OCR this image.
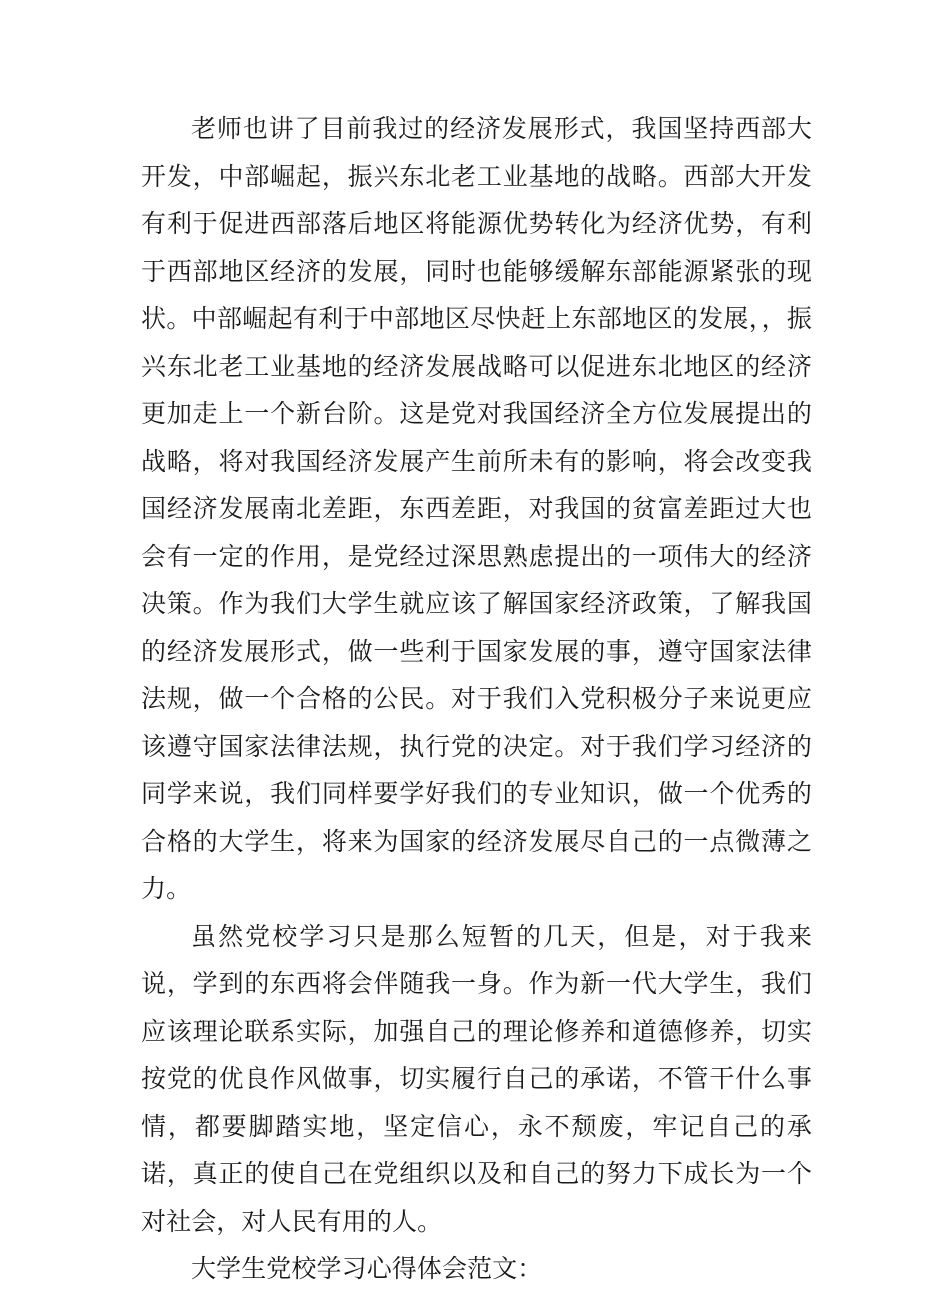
老师也讲了目前我过的经济发展形式，我国坚持西部大开发，中部崛起，振兴东北老工业基地的战略。西部大开发有利于促进西部落后地区将能源优势转化为经济优势，有利于西部地区经济的发展，同时也能够缓解东部能源紧张的现状。中部崛起有利于中部地区尽快赶上东部地区的发展，，振兴东北老工业基地的经济发展战略可以促进东北地区的经济更加走上一个新台阶。这是党对我国经济全方位发展提出的战略，将对我国经济发展产生前所未有的影响，将会改变我国经济发展南北差距，东西差距，对我国的贫富差距过大也会有一定的作用，是党经过深思熟虑提出的一项伟大的经济决策。作为我们大学生就应该了解国家经济政策，了解我国的经济发展形式，做一些利于国家发展的事，遵守国家法律法规，做一个合格的公民。对于我们入党积极分子来说更应该遵守国家法律法规，执行党的决定。对于我们学习经济的同学来说，我们同样要学好我们的专业知识，做一个优秀的合格的大学生，将来为国家的经济发展尽自己的一点微薄之力。

虽然党校学习只是那么短暂的几天，但是，对于我来说，学到的东西将会伴随我一身。作为新一代大学生，我们应该理论联系实际，加强自己的理论修养和道德修养，切实按党的优良作风做事，切实履行自己的承诺，不管干什么事情，都要脚踏实地，坚定信心，永不颓废，牢记自己的承诺，真正的使自己在党组织以及和自己的努力下成长为一个对社会，对人民有用的人。

大学生党校学习心得体会范文：
